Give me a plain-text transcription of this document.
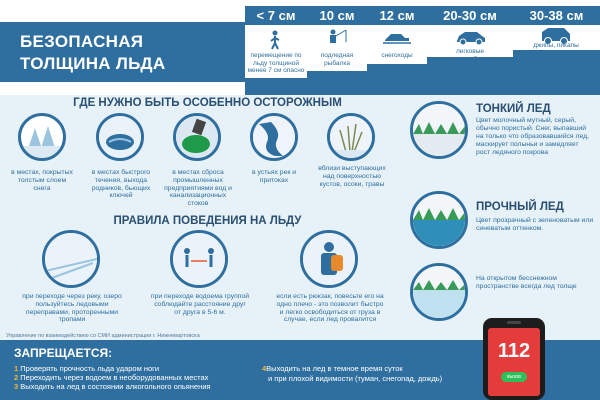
БЕЗОПАСНАЯ
ТОЛЩИНА ЛЬДА
< 7 см	10 см	12 см	20-30 см	30-38 см
перемещение по льду толщиной менее 7 см опасно
подледная рыбалка
снегоходы
легковые автомобили
джипы, пикапы
ГДЕ НУЖНО БЫТЬ ОСОБЕННО ОСТОРОЖНЫМ
в местах, покрытых толстым слоем снега
в местах быстрого течения, выхода родников, бьющих ключей
в местах сброса промышленных предприятиями вод и канализационных стоков
в устьях рек и притоках
вблизи выступающих над поверхностью кустов, осоки, травы
ПРАВИЛА ПОВЕДЕНИЯ НА ЛЬДУ
при переходе через реку, озеро пользуйтесь ледовыми переправами, проторенными тропами
при переходе водоема группой соблюдайте расстояние друг от друга в 5-6 м.
если есть рюкзак, повесьте его на одно плечо - это позволит быстро и легко освободиться от груза в случае, если лед провалится
Управление по взаимодействию со СМИ администрации г. Нижневартовска
ТОНКИЙ ЛЕД
Цвет молочный мутный, серый, обычно пористый. Снег, выпавший на только что образовавшийся лед, маскирует полыньи и замедляет рост ледяного покрова
ПРОЧНЫЙ ЛЕД
Цвет прозрачный с зеленоватым или синеватым оттенком.
На открытом бесснежном пространстве всегда лед толще
ЗАПРЕЩАЕТСЯ:
1 Проверять прочность льда ударом ноги
2 Переходить через водоем в необорудованных местах
3 Выходить на лед в состоянии алкогольного опьянения
4Выходить на лед в темное время суток
и при плохой видимости (туман, снегопад, дождь)
112
вызов
